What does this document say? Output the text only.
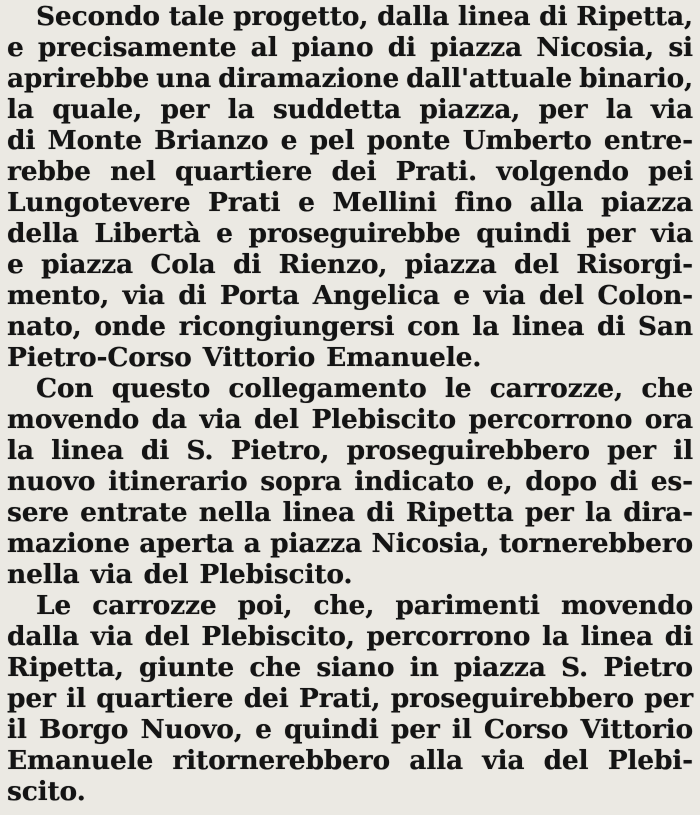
Secondo tale progetto, dalla linea di Ripetta,
e precisamente al piano di piazza Nicosia, si
aprirebbe una diramazione dall'attuale binario,
la quale, per la suddetta piazza, per la via
di Monte Brianzo e pel ponte Umberto entre-
rebbe nel quartiere dei Prati. volgendo pei
Lungotevere Prati e Mellini fino alla piazza
della Libertà e proseguirebbe quindi per via
e piazza Cola di Rienzo, piazza del Risorgi-
mento, via di Porta Angelica e via del Colon-
nato, onde ricongiungersi con la linea di San
Pietro-Corso Vittorio Emanuele.
Con questo collegamento le carrozze, che
movendo da via del Plebiscito percorrono ora
la linea di S. Pietro, proseguirebbero per il
nuovo itinerario sopra indicato e, dopo di es-
sere entrate nella linea di Ripetta per la dira-
mazione aperta a piazza Nicosia, tornerebbero
nella via del Plebiscito.
Le carrozze poi, che, parimenti movendo
dalla via del Plebiscito, percorrono la linea di
Ripetta, giunte che siano in piazza S. Pietro
per il quartiere dei Prati, proseguirebbero per
il Borgo Nuovo, e quindi per il Corso Vittorio
Emanuele ritornerebbero alla via del Plebi-
scito.
